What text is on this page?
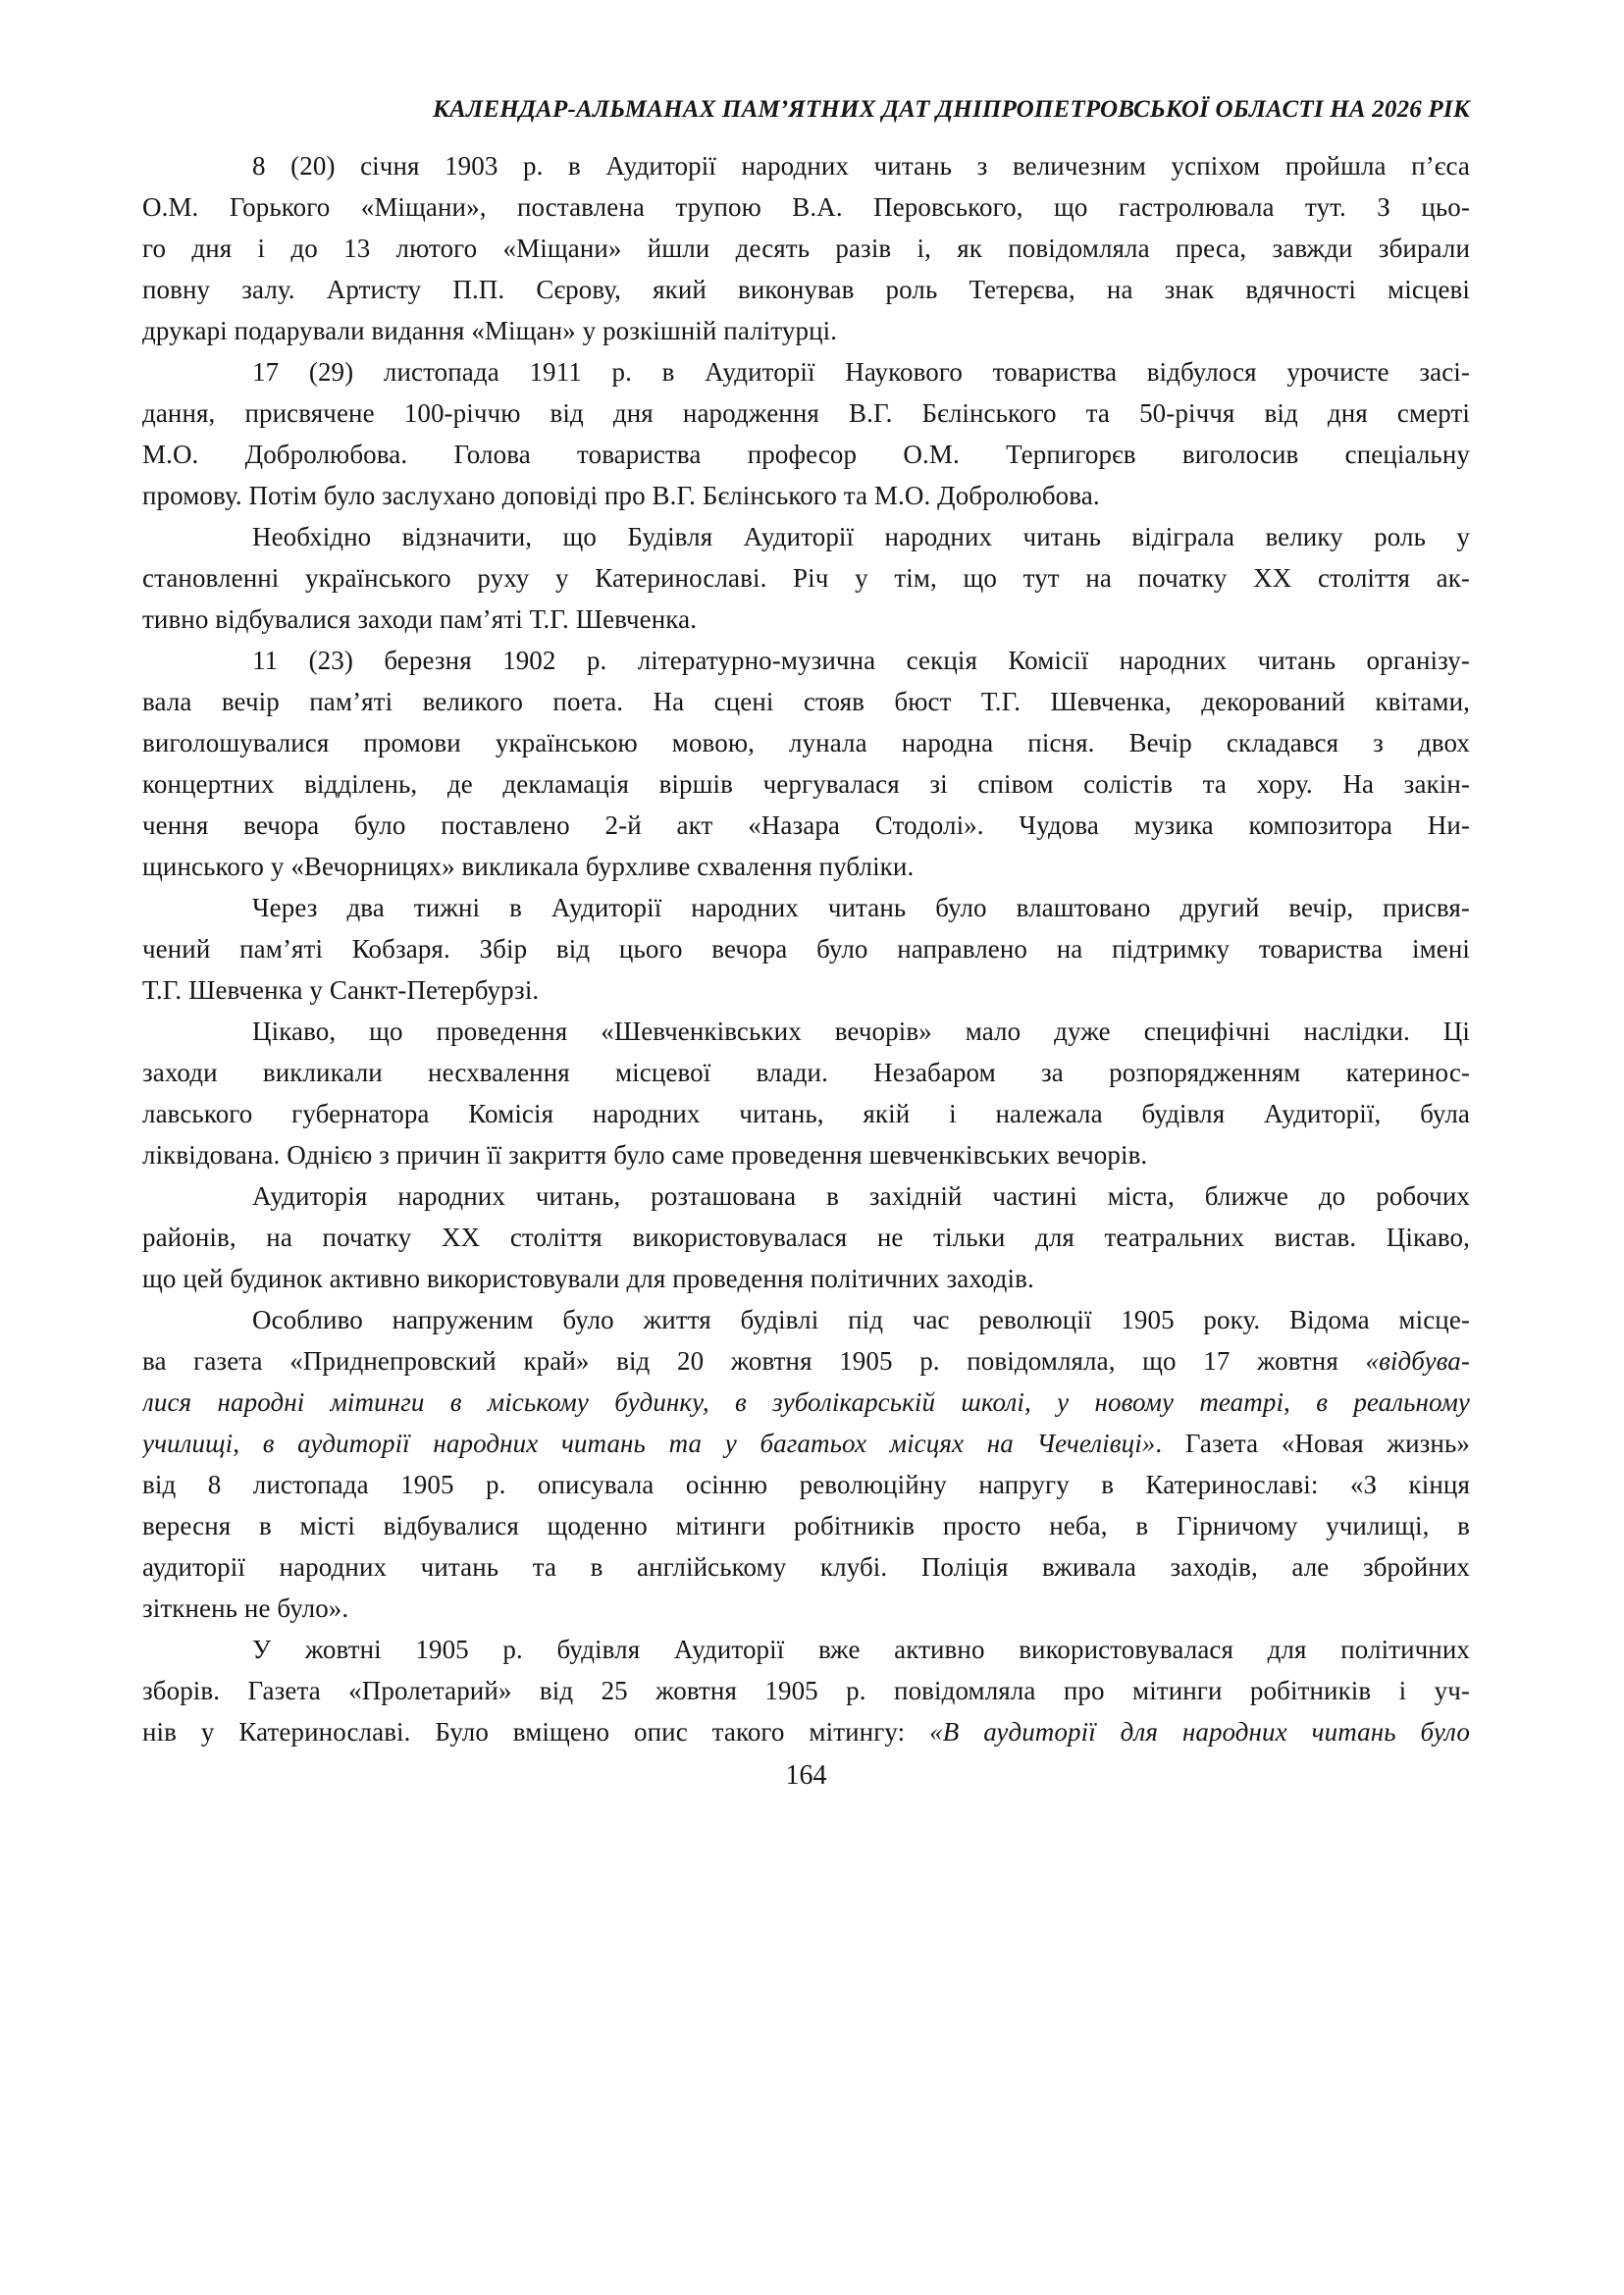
КАЛЕНДАР-АЛЬМАНАХ ПАМ’ЯТНИХ ДАТ ДНІПРОПЕТРОВСЬКОЇ ОБЛАСТІ НА 2026 РІК
8 (20) січня 1903 р. в Аудиторії народних читань з величезним успіхом пройшла п’єса
О.М. Горького «Міщани», поставлена трупою В.А. Перовського, що гастролювала тут. З цьо-
го дня і до 13 лютого «Міщани» йшли десять разів і, як повідомляла преса, завжди збирали
повну залу. Артисту П.П. Сєрову, який виконував роль Тетерєва, на знак вдячності місцеві
друкарі подарували видання «Міщан» у розкішній палітурці.
17 (29) листопада 1911 р. в Аудиторії Наукового товариства відбулося урочисте засі-
дання, присвячене 100-річчю від дня народження В.Г. Бєлінського та 50-річчя від дня смерті
М.О. Добролюбова. Голова товариства професор О.М. Терпигорєв виголосив спеціальну
промову. Потім було заслухано доповіді про В.Г. Бєлінського та М.О. Добролюбова.
Необхідно відзначити, що Будівля Аудиторії народних читань відіграла велику роль у
становленні українського руху у Катеринославі. Річ у тім, що тут на початку XX століття ак-
тивно відбувалися заходи пам’яті Т.Г. Шевченка.
11 (23) березня 1902 р. літературно-музична секція Комісії народних читань організу-
вала вечір пам’яті великого поета. На сцені стояв бюст Т.Г. Шевченка, декорований квітами,
виголошувалися промови українською мовою, лунала народна пісня. Вечір складався з двох
концертних відділень, де декламація віршів чергувалася зі співом солістів та хору. На закін-
чення вечора було поставлено 2-й акт «Назара Стодолі». Чудова музика композитора Ни-
щинського у «Вечорницях» викликала бурхливе схвалення публіки.
Через два тижні в Аудиторії народних читань було влаштовано другий вечір, присвя-
чений пам’яті Кобзаря. Збір від цього вечора було направлено на підтримку товариства імені
Т.Г. Шевченка у Санкт-Петербурзі.
Цікаво, що проведення «Шевченківських вечорів» мало дуже специфічні наслідки. Ці
заходи викликали несхвалення місцевої влади. Незабаром за розпорядженням катеринос-
лавського губернатора Комісія народних читань, якій і належала будівля Аудиторії, була
ліквідована. Однією з причин її закриття було саме проведення шевченківських вечорів.
Аудиторія народних читань, розташована в західній частині міста, ближче до робочих
районів, на початку XX століття використовувалася не тільки для театральних вистав. Цікаво,
що цей будинок активно використовували для проведення політичних заходів.
Особливо напруженим було життя будівлі під час революції 1905 року. Відома місце-
ва газета «Приднепровский край» від 20 жовтня 1905 р. повідомляла, що 17 жовтня «відбува-
лися народні мітинги в міському будинку, в зуболікарській школі, у новому театрі, в реальному
училищі, в аудиторії народних читань та у багатьох місцях на Чечелівці». Газета «Новая жизнь»
від 8 листопада 1905 р. описувала осінню революційну напругу в Катеринославі: «З кінця
вересня в місті відбувалися щоденно мітинги робітників просто неба, в Гірничому училищі, в
аудиторії народних читань та в англійському клубі. Поліція вживала заходів, але збройних
зіткнень не було».
У жовтні 1905 р. будівля Аудиторії вже активно використовувалася для політичних
зборів. Газета «Пролетарий» від 25 жовтня 1905 р. повідомляла про мітинги робітників і уч-
нів у Катеринославі. Було вміщено опис такого мітингу: «В аудиторії для народних читань було
164
